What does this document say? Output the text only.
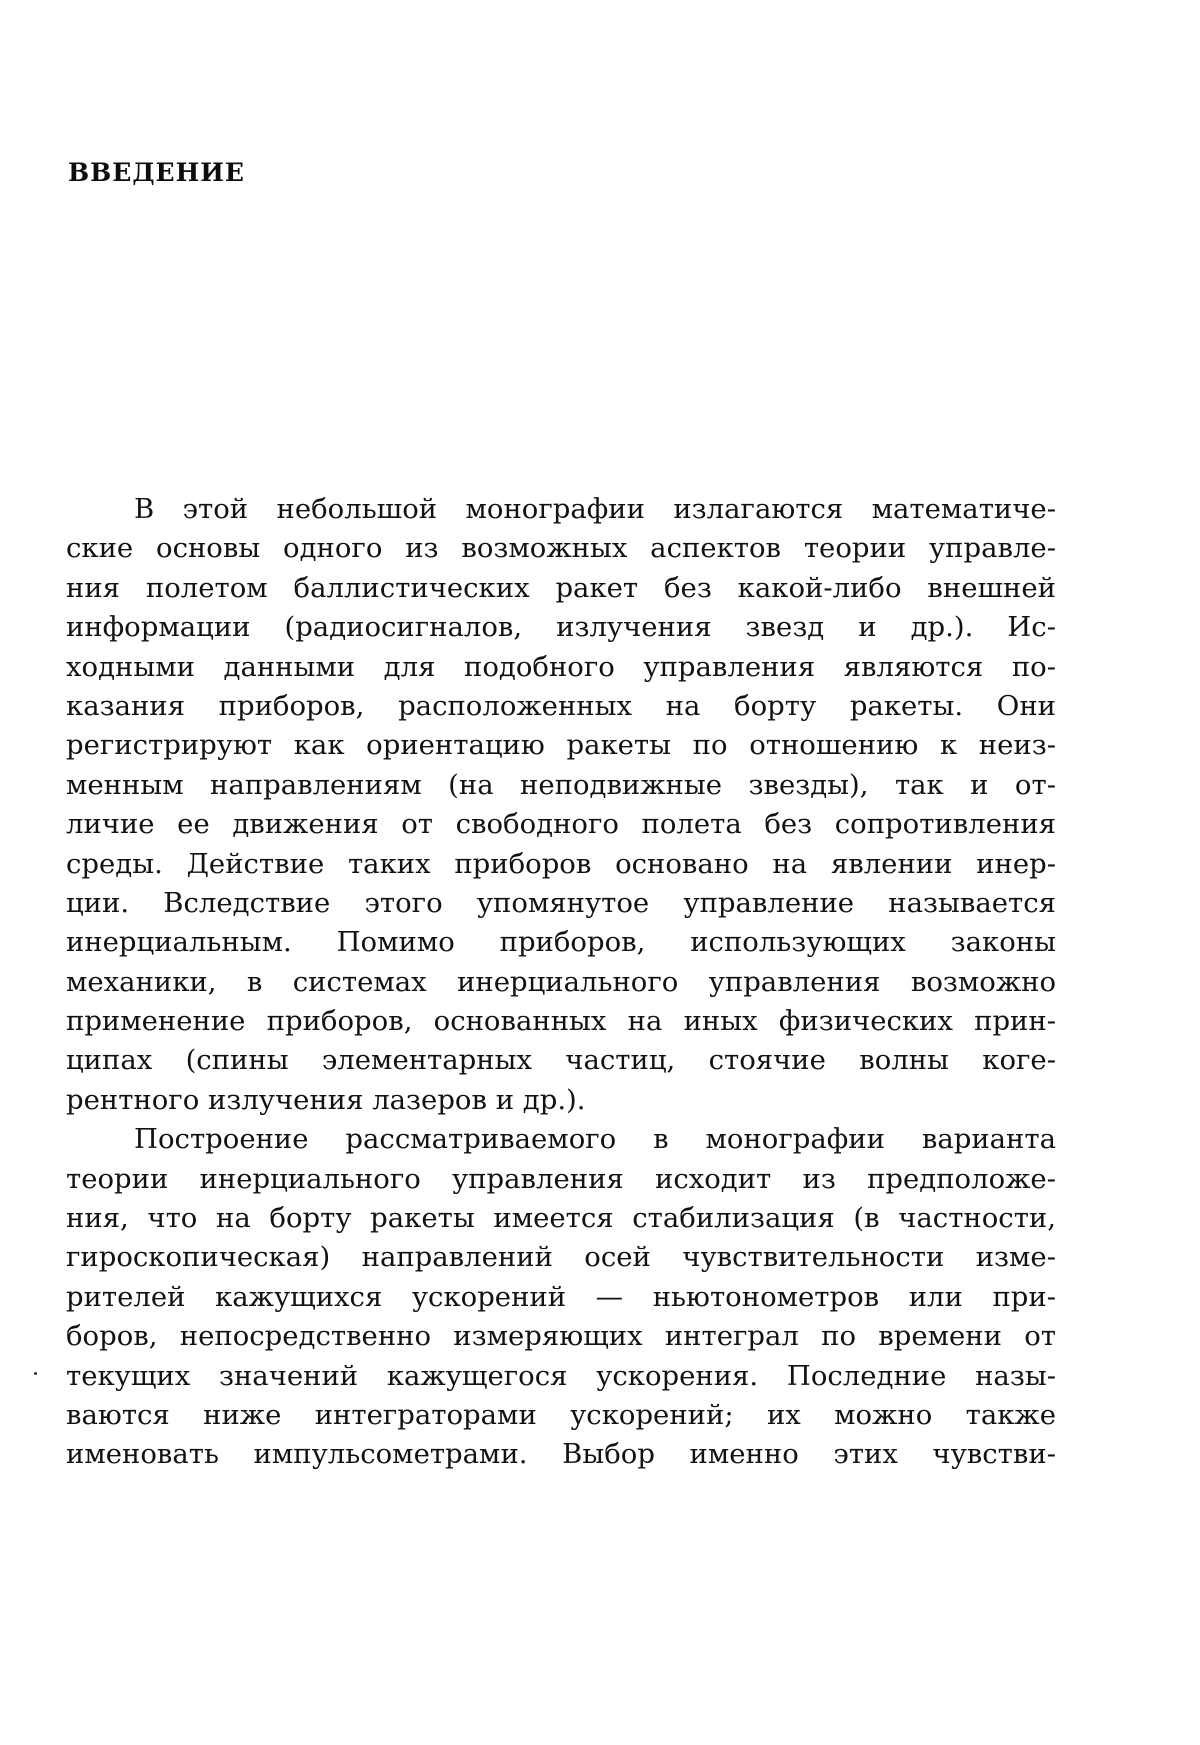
ВВЕДЕНИЕ
В этой небольшой монографии излагаются математиче-
ские основы одного из возможных аспектов теории управле-
ния полетом баллистических ракет без какой-либо внешней
информации (радиосигналов, излучения звезд и др.). Ис-
ходными данными для подобного управления являются по-
казания приборов, расположенных на борту ракеты. Они
регистрируют как ориентацию ракеты по отношению к неиз-
менным направлениям (на неподвижные звезды), так и от-
личие ее движения от свободного полета без сопротивления
среды. Действие таких приборов основано на явлении инер-
ции. Вследствие этого упомянутое управление называется
инерциальным. Помимо приборов, использующих законы
механики, в системах инерциального управления возможно
применение приборов, основанных на иных физических прин-
ципах (спины элементарных частиц, стоячие волны коге-
рентного излучения лазеров и др.).
Построение рассматриваемого в монографии варианта
теории инерциального управления исходит из предположе-
ния, что на борту ракеты имеется стабилизация (в частности,
гироскопическая) направлений осей чувствительности изме-
рителей кажущихся ускорений — ньютонометров или при-
боров, непосредственно измеряющих интеграл по времени от
текущих значений кажущегося ускорения. Последние назы-
ваются ниже интеграторами ускорений; их можно также
именовать импульсометрами. Выбор именно этих чувстви-
